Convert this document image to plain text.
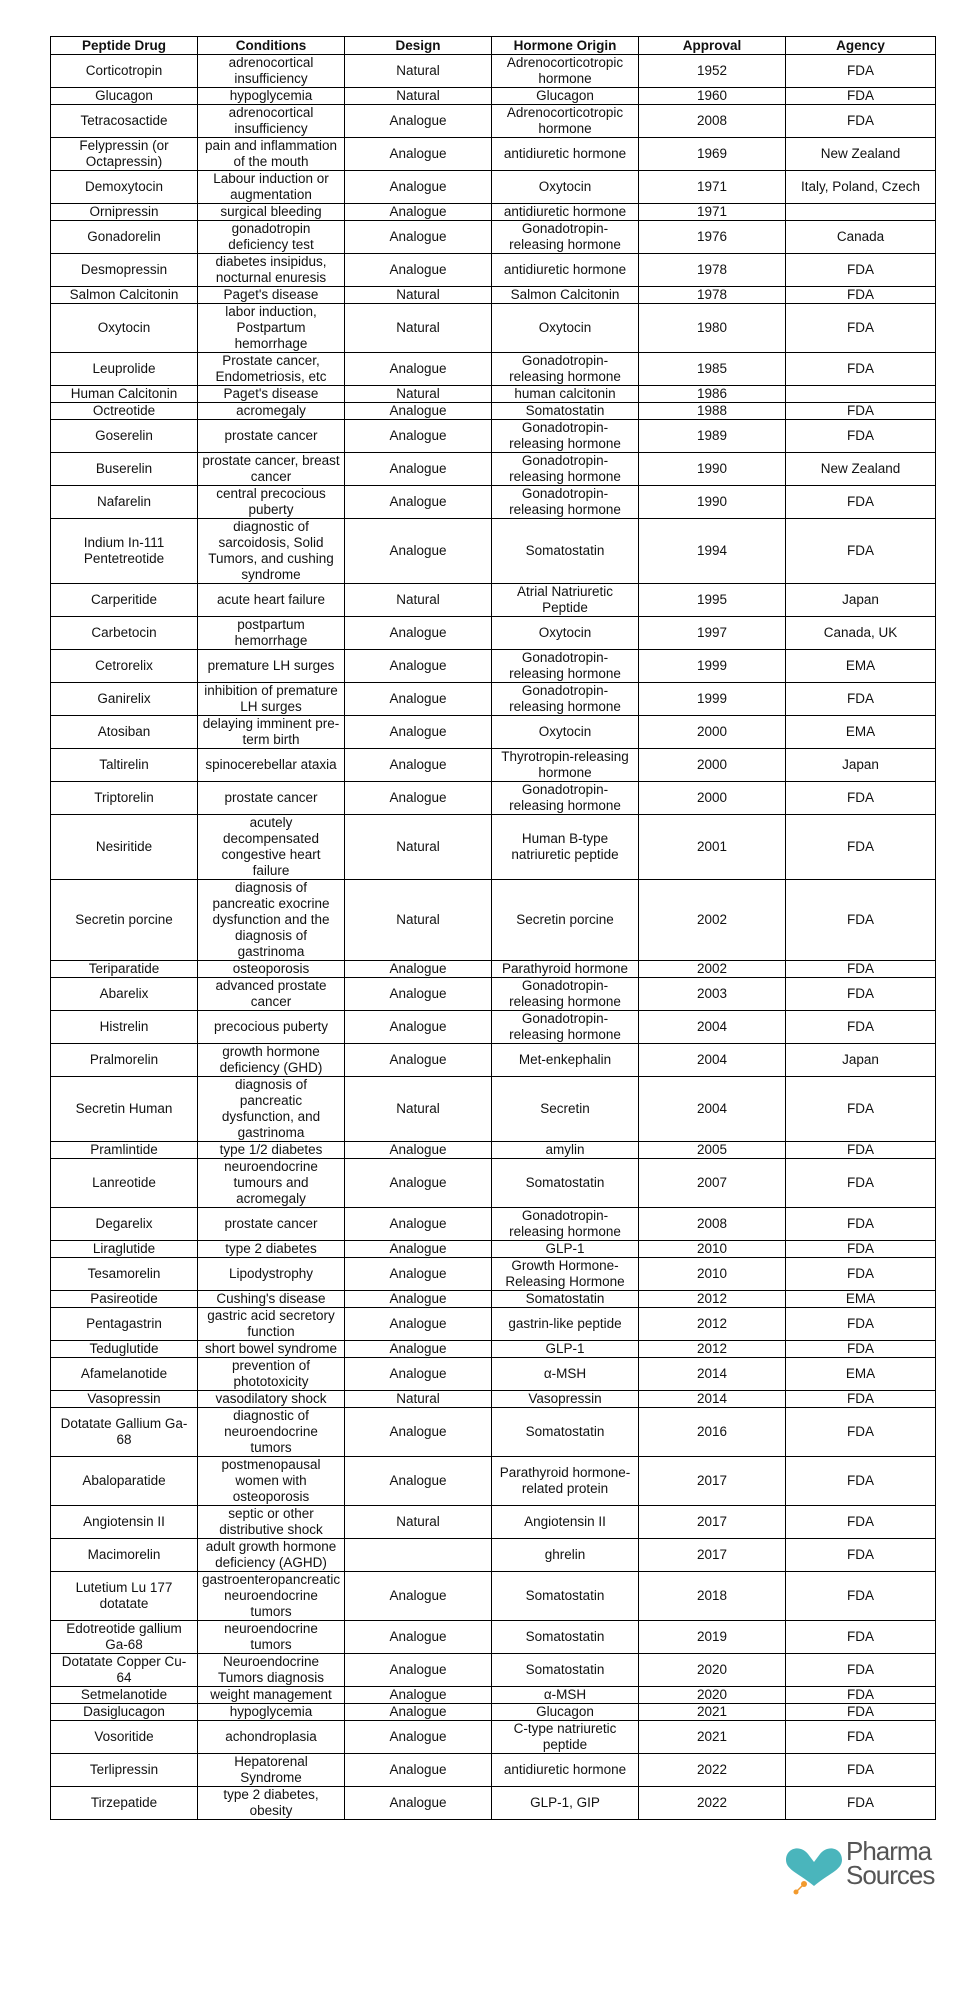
Peptide Drug	Conditions	Design	Hormone Origin	Approval	Agency
Corticotropin	adrenocortical insufficiency	Natural	Adrenocorticotropic hormone	1952	FDA
Glucagon	hypoglycemia	Natural	Glucagon	1960	FDA
Tetracosactide	adrenocortical insufficiency	Analogue	Adrenocorticotropic hormone	2008	FDA
Felypressin (or Octapressin)	pain and inflammation of the mouth	Analogue	antidiuretic hormone	1969	New Zealand
Demoxytocin	Labour induction or augmentation	Analogue	Oxytocin	1971	Italy, Poland, Czech
Ornipressin	surgical bleeding	Analogue	antidiuretic hormone	1971	
Gonadorelin	gonadotropin deficiency test	Analogue	Gonadotropin-releasing hormone	1976	Canada
Desmopressin	diabetes insipidus, nocturnal enuresis	Analogue	antidiuretic hormone	1978	FDA
Salmon Calcitonin	Paget's disease	Natural	Salmon Calcitonin	1978	FDA
Oxytocin	labor induction, Postpartum hemorrhage	Natural	Oxytocin	1980	FDA
Leuprolide	Prostate cancer, Endometriosis, etc	Analogue	Gonadotropin-releasing hormone	1985	FDA
Human Calcitonin	Paget's disease	Natural	human calcitonin	1986	
Octreotide	acromegaly	Analogue	Somatostatin	1988	FDA
Goserelin	prostate cancer	Analogue	Gonadotropin-releasing hormone	1989	FDA
Buserelin	prostate cancer, breast cancer	Analogue	Gonadotropin-releasing hormone	1990	New Zealand
Nafarelin	central precocious puberty	Analogue	Gonadotropin-releasing hormone	1990	FDA
Indium In-111 Pentetreotide	diagnostic of sarcoidosis, Solid Tumors, and cushing syndrome	Analogue	Somatostatin	1994	FDA
Carperitide	acute heart failure	Natural	Atrial Natriuretic Peptide	1995	Japan
Carbetocin	postpartum hemorrhage	Analogue	Oxytocin	1997	Canada, UK
Cetrorelix	premature LH surges	Analogue	Gonadotropin-releasing hormone	1999	EMA
Ganirelix	inhibition of premature LH surges	Analogue	Gonadotropin-releasing hormone	1999	FDA
Atosiban	delaying imminent pre-term birth	Analogue	Oxytocin	2000	EMA
Taltirelin	spinocerebellar ataxia	Analogue	Thyrotropin-releasing hormone	2000	Japan
Triptorelin	prostate cancer	Analogue	Gonadotropin-releasing hormone	2000	FDA
Nesiritide	acutely decompensated congestive heart failure	Natural	Human B-type natriuretic peptide	2001	FDA
Secretin porcine	diagnosis of pancreatic exocrine dysfunction and the diagnosis of gastrinoma	Natural	Secretin porcine	2002	FDA
Teriparatide	osteoporosis	Analogue	Parathyroid hormone	2002	FDA
Abarelix	advanced prostate cancer	Analogue	Gonadotropin-releasing hormone	2003	FDA
Histrelin	precocious puberty	Analogue	Gonadotropin-releasing hormone	2004	FDA
Pralmorelin	growth hormone deficiency (GHD)	Analogue	Met-enkephalin	2004	Japan
Secretin Human	diagnosis of pancreatic dysfunction, and gastrinoma	Natural	Secretin	2004	FDA
Pramlintide	type 1/2 diabetes	Analogue	amylin	2005	FDA
Lanreotide	neuroendocrine tumours and acromegaly	Analogue	Somatostatin	2007	FDA
Degarelix	prostate cancer	Analogue	Gonadotropin-releasing hormone	2008	FDA
Liraglutide	type 2 diabetes	Analogue	GLP-1	2010	FDA
Tesamorelin	Lipodystrophy	Analogue	Growth Hormone-Releasing Hormone	2010	FDA
Pasireotide	Cushing's disease	Analogue	Somatostatin	2012	EMA
Pentagastrin	gastric acid secretory function	Analogue	gastrin-like peptide	2012	FDA
Teduglutide	short bowel syndrome	Analogue	GLP-1	2012	FDA
Afamelanotide	prevention of phototoxicity	Analogue	α-MSH	2014	EMA
Vasopressin	vasodilatory shock	Natural	Vasopressin	2014	FDA
Dotatate Gallium Ga-68	diagnostic of neuroendocrine tumors	Analogue	Somatostatin	2016	FDA
Abaloparatide	postmenopausal women with osteoporosis	Analogue	Parathyroid hormone-related protein	2017	FDA
Angiotensin II	septic or other distributive shock	Natural	Angiotensin II	2017	FDA
Macimorelin	adult growth hormone deficiency (AGHD)		ghrelin	2017	FDA
Lutetium Lu 177 dotatate	gastroenteropancreatic neuroendocrine tumors	Analogue	Somatostatin	2018	FDA
Edotreotide gallium Ga-68	neuroendocrine tumors	Analogue	Somatostatin	2019	FDA
Dotatate Copper Cu-64	Neuroendocrine Tumors diagnosis	Analogue	Somatostatin	2020	FDA
Setmelanotide	weight management	Analogue	α-MSH	2020	FDA
Dasiglucagon	hypoglycemia	Analogue	Glucagon	2021	FDA
Vosoritide	achondroplasia	Analogue	C-type natriuretic peptide	2021	FDA
Terlipressin	Hepatorenal Syndrome	Analogue	antidiuretic hormone	2022	FDA
Tirzepatide	type 2 diabetes, obesity	Analogue	GLP-1, GIP	2022	FDA
Pharma
Sources
